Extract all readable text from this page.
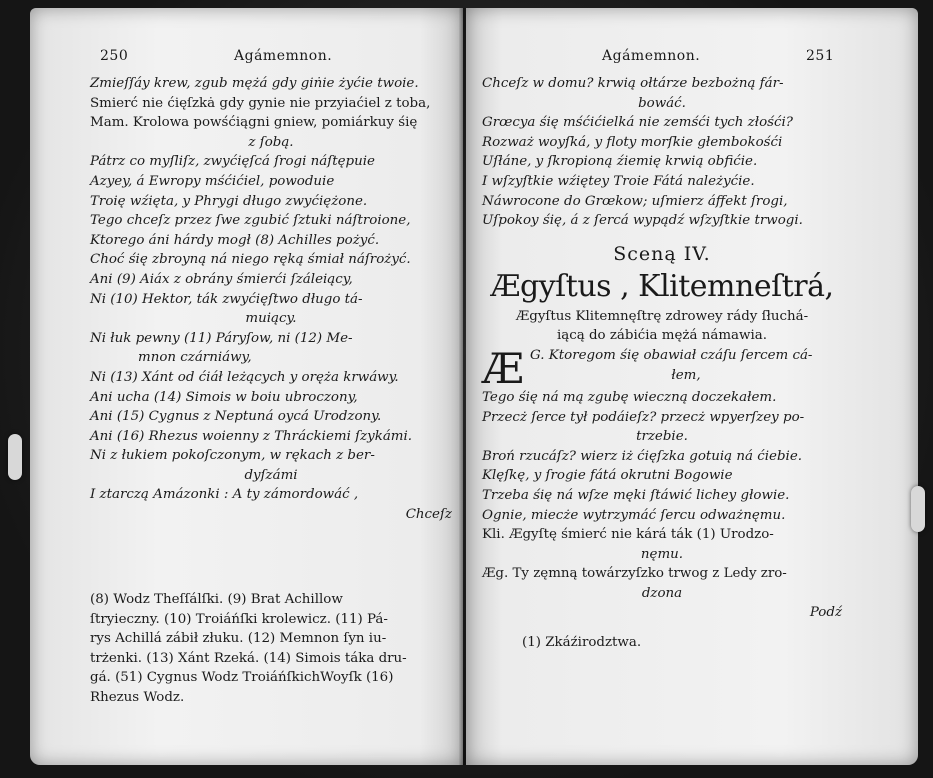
250	Agámemnon.
Zmieſſáy krew, zgub mężá gdy giṅie żyćie twoie.
Smierć nie ćięſzkȧ gdy gynie nie przyiaćiel z toba,
Mam. Krolowa powśćiągni gniew, pomiárkuy śię
z ſobą.
Pátrz co myſliſz, zwyćięſcá ſrogi náſtępuie
Azyey, á Ewropy mśćićiel, powoduie
Troię wźięta, y Phrygi długo zwyćiężone.
Tego chceſz przez ſwe zgubić ſztuki náſtroione,
Ktorego áni hárdy mogł (8) Achilles pożyć.
Choć śię zbroyną ná niego ręką śmiał náſrożyć.
Ani (9) Aiáx z obrány śmierći ſzáleiący,
Ni (10) Hektor, ták zwyćięſtwo długo tá-
muiący.
Ni łuk pewny (11) Páryſow, ni (12) Me-
mnon czárniáwy,
Ni (13) Xánt od ćiáł leżących y oręża krwáwy.
Ani ucha (14) Simois w boiu ubroczony,
Ani (15) Cygnus z Neptuná oycá Urodzony.
Ani (16) Rhezus woienny z Thráckiemi ſzykámi.
Ni z łukiem pokoſczonym, w rękach z ber-
dyſzámi
I ztarczą Amázonki : A ty zámordowáć ,
Chceſz
(8) Wodz Theſſálſki. (9) Brat Achillow
ſtryieczny. (10) Troiáńſki krolewicz. (11) Pá-
rys Achillá zábił złuku. (12) Memnon ſyn iu-
trżenki. (13) Xánt Rzeká. (14) Simois táka dru-
gá. (51) Cygnus Wodz TroiáńſkichWoyſk (16)
Rhezus Wodz.
Agámemnon.	251
Chceſz w domu? krwią ołtárze bezbożną fár-
bowáć.
Grœcya śię mśćićielká nie zemśći tych złośći?
Rozważ woyſká, y floty morſkie głembokośći
Uſłáne, y ſkropioną źiemię krwią obfićie.
I wſzyſtkie wźiętey Troie Fátá należyćie.
Náwrocone do Grœkow; uſmierz áffekt ſrogi,
Uſpokoy śię, á z ſercá wypądź wſzyſtkie trwogi.
Sceną IV.
Ægyſtus , Klitemneſtrá,
Ægyſtus Klitemnęſtrę zdrowey rády ſłuchá-
iącą do zábićia mężá námawia.
Æ G. Ktoregom śię obawiał czáſu ſercem cá-
łem,
Tego śię ná mą zgubę wieczną doczekałem.
Przecż ſerce tył podáieſz? przecż wpyerſzey po-
trzebie.
Broń rzucáſz? wierz iż ćięſzka gotuią ná ćiebie.
Klęſkę, y ſrogie fátá okrutni Bogowie
Trzeba śię ná wſze męki ſtáwić lichey głowie.
Ognie, miecże wytrzymáć ſercu odważnęmu.
Kli. Ægyſtę śmierć nie kárá ták (1) Urodzo-
nęmu.
Æg. Ty zęmną towárzyſzko trwog z Ledy zro-
dzona
Podź
(1) Zkáźirodztwa.
